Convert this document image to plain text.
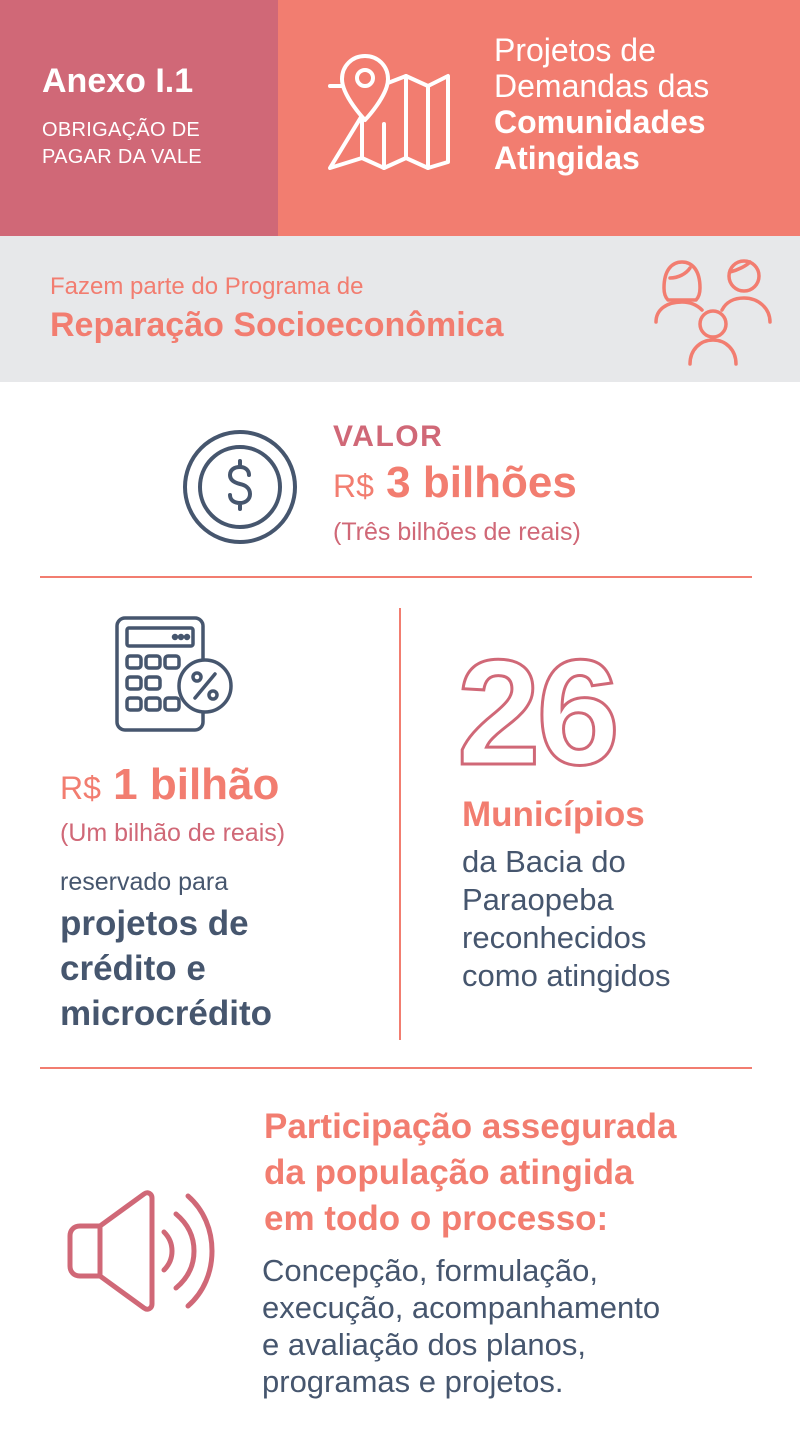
Anexo I.1
OBRIGAÇÃO DE
PAGAR DA VALE
Projetos de
Demandas das
Comunidades
Atingidas
Fazem parte do Programa de
Reparação Socioeconômica
VALOR
R$ 3 bilhões
(Três bilhões de reais)
R$ 1 bilhão
(Um bilhão de reais)
reservado para
projetos de
crédito e
microcrédito
26
Municípios
da Bacia do
Paraopeba
reconhecidos
como atingidos
Participação assegurada
da população atingida
em todo o processo:
Concepção, formulação,
execução, acompanhamento
e avaliação dos planos,
programas e projetos.
